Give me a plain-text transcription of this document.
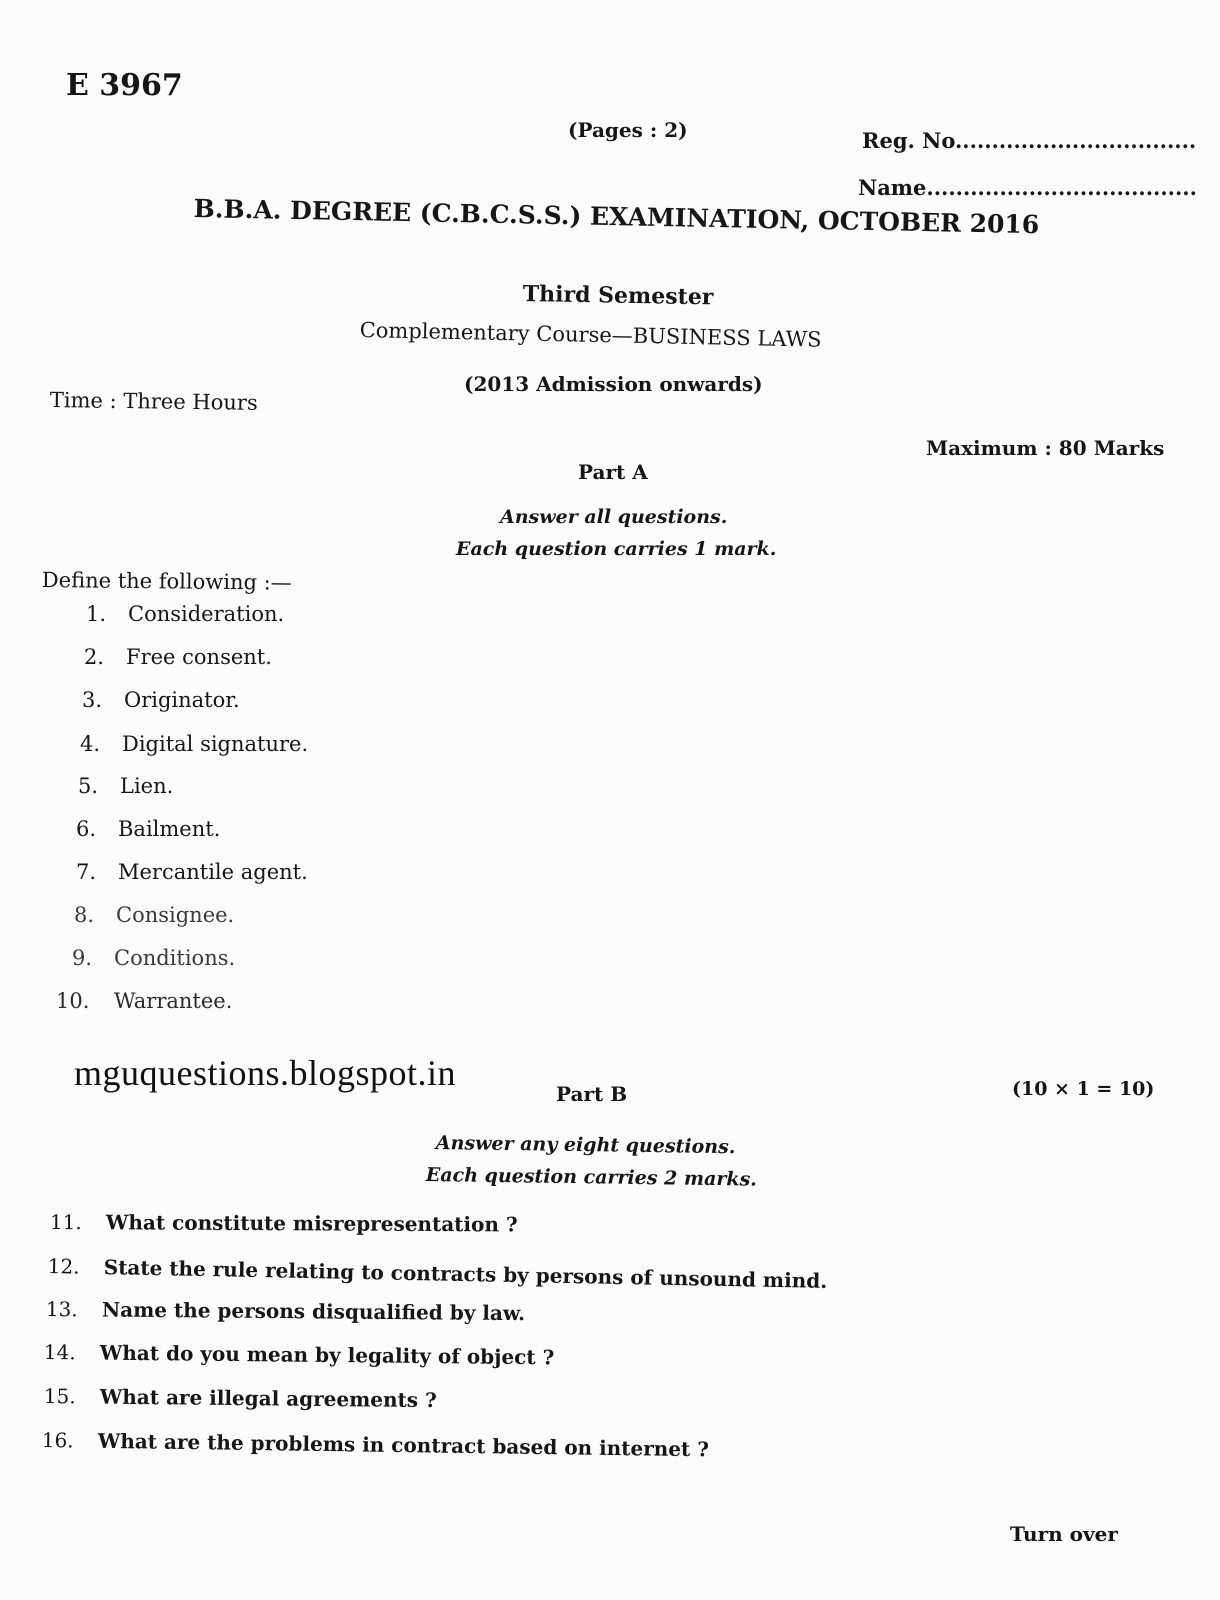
E 3967
(Pages : 2)	Reg. No.................................
Name.....................................
B.B.A. DEGREE (C.B.C.S.S.) EXAMINATION, OCTOBER 2016
Third Semester
Complementary Course—BUSINESS LAWS
(2013 Admission onwards)
Time : Three Hours
Maximum : 80 Marks
Part A
Answer all questions.
Each question carries 1 mark.
Define the following :—
1. Consideration.
2. Free consent.
3. Originator.
4. Digital signature.
5. Lien.
6. Bailment.
7. Mercantile agent.
8. Consignee.
9. Conditions.
10. Warrantee.
mguquestions.blogspot.in	(10 × 1 = 10)
Part B
Answer any eight questions.
Each question carries 2 marks.
11. What constitute misrepresentation ?
12. State the rule relating to contracts by persons of unsound mind.
13. Name the persons disqualified by law.
14. What do you mean by legality of object ?
15. What are illegal agreements ?
16. What are the problems in contract based on internet ?
Turn over
